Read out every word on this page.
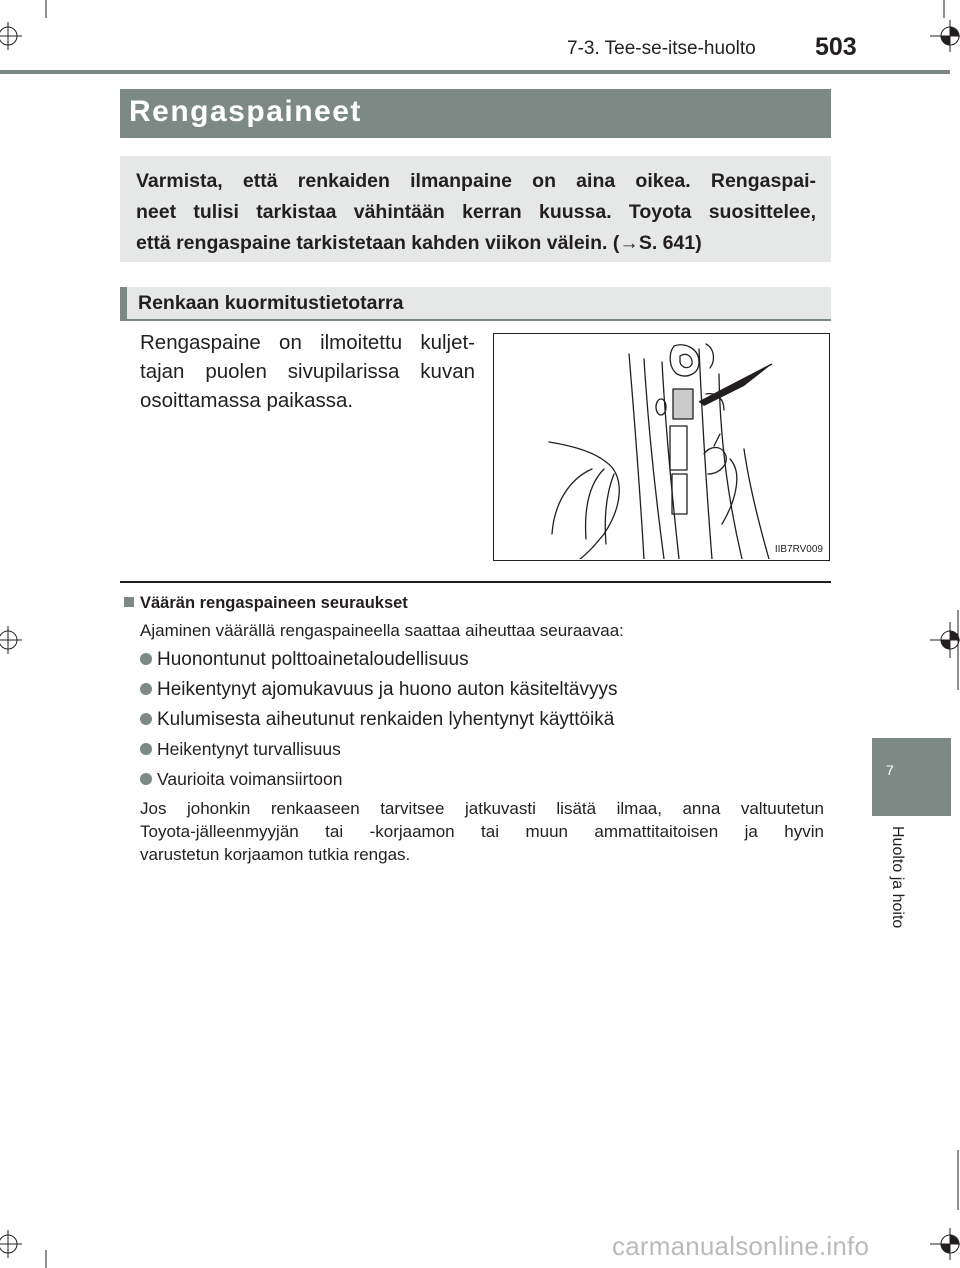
7-3. Tee-se-itse-huolto 503
Rengaspaineet
Varmista, että renkaiden ilmanpaine on aina oikea. Rengaspai-
neet tulisi tarkistaa vähintään kerran kuussa. Toyota suosittelee,
että rengaspaine tarkistetaan kahden viikon välein. (→S. 641)
Renkaan kuormitustietotarra
Rengaspaine on ilmoitettu kuljet-
tajan puolen sivupilarissa kuvan
osoittamassa paikassa.
IIB7RV009
Väärän rengaspaineen seuraukset
Ajaminen väärällä rengaspaineella saattaa aiheuttaa seuraavaa:
Huonontunut polttoainetaloudellisuus
Heikentynyt ajomukavuus ja huono auton käsiteltävyys
Kulumisesta aiheutunut renkaiden lyhentynyt käyttöikä
Heikentynyt turvallisuus
Vaurioita voimansiirtoon
Jos johonkin renkaaseen tarvitsee jatkuvasti lisätä ilmaa, anna valtuutetun
Toyota-jälleenmyyjän tai -korjaamon tai muun ammattitaitoisen ja hyvin
varustetun korjaamon tutkia rengas.
7
Huolto ja hoito
carmanualsonline.info
